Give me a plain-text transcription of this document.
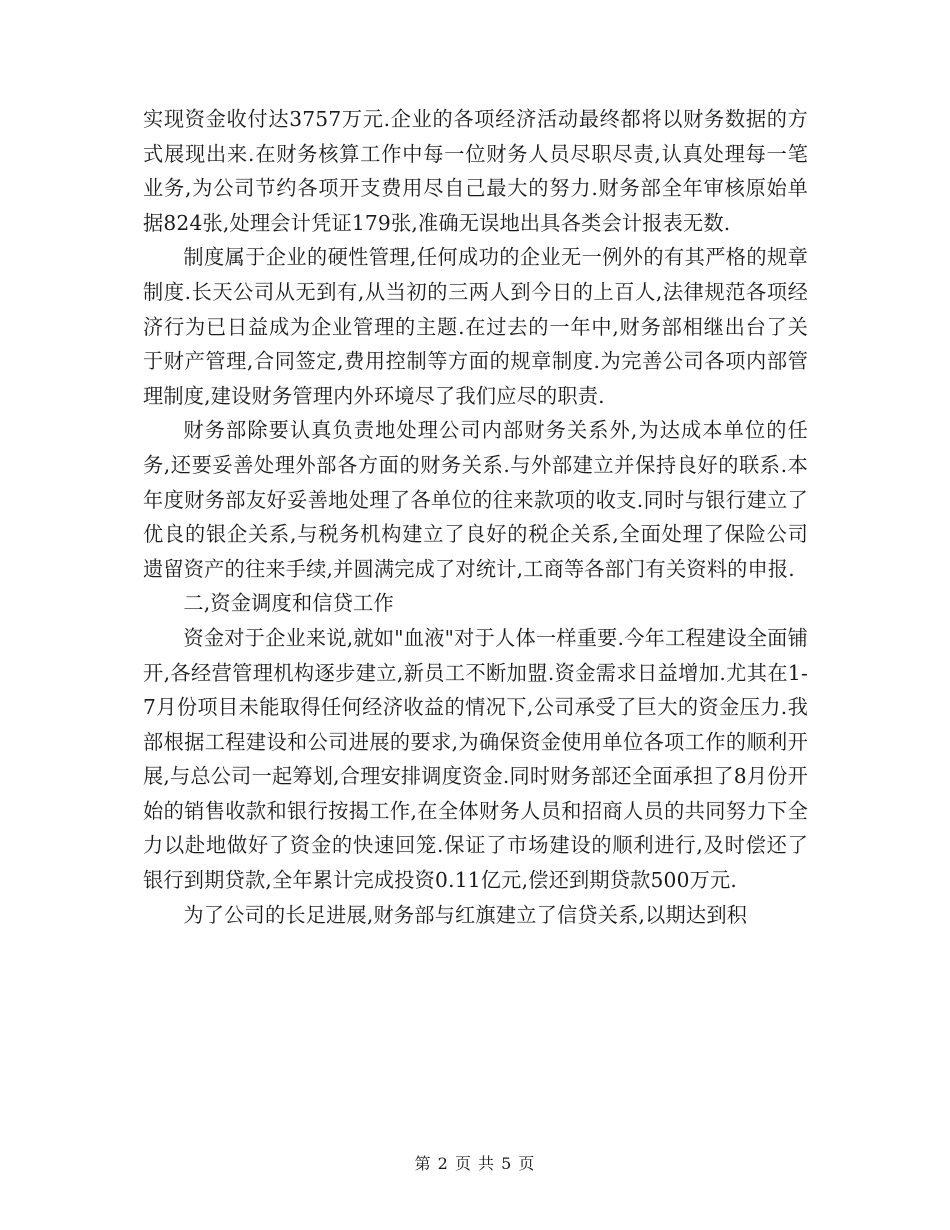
实现资金收付达3757万元.企业的各项经济活动最终都将以财务数据的方式展现出来.在财务核算工作中每一位财务人员尽职尽责,认真处理每一笔业务,为公司节约各项开支费用尽自己最大的努力.财务部全年审核原始单据824张,处理会计凭证179张,准确无误地出具各类会计报表无数.

制度属于企业的硬性管理,任何成功的企业无一例外的有其严格的规章制度.长天公司从无到有,从当初的三两人到今日的上百人,法律规范各项经济行为已日益成为企业管理的主题.在过去的一年中,财务部相继出台了关于财产管理,合同签定,费用控制等方面的规章制度.为完善公司各项内部管理制度,建设财务管理内外环境尽了我们应尽的职责.

财务部除要认真负责地处理公司内部财务关系外,为达成本单位的任务,还要妥善处理外部各方面的财务关系.与外部建立并保持良好的联系.本年度财务部友好妥善地处理了各单位的往来款项的收支.同时与银行建立了优良的银企关系,与税务机构建立了良好的税企关系,全面处理了保险公司遗留资产的往来手续,并圆满完成了对统计,工商等各部门有关资料的申报.

二,资金调度和信贷工作

资金对于企业来说,就如"血液"对于人体一样重要.今年工程建设全面铺开,各经营管理机构逐步建立,新员工不断加盟.资金需求日益增加.尤其在1-7月份项目未能取得任何经济收益的情况下,公司承受了巨大的资金压力.我部根据工程建设和公司进展的要求,为确保资金使用单位各项工作的顺利开展,与总公司一起筹划,合理安排调度资金.同时财务部还全面承担了8月份开始的销售收款和银行按揭工作,在全体财务人员和招商人员的共同努力下全力以赴地做好了资金的快速回笼.保证了市场建设的顺利进行,及时偿还了银行到期贷款,全年累计完成投资0.11亿元,偿还到期贷款500万元.

为了公司的长足进展,财务部与红旗建立了信贷关系,以期达到积

第 2 页 共 5 页
